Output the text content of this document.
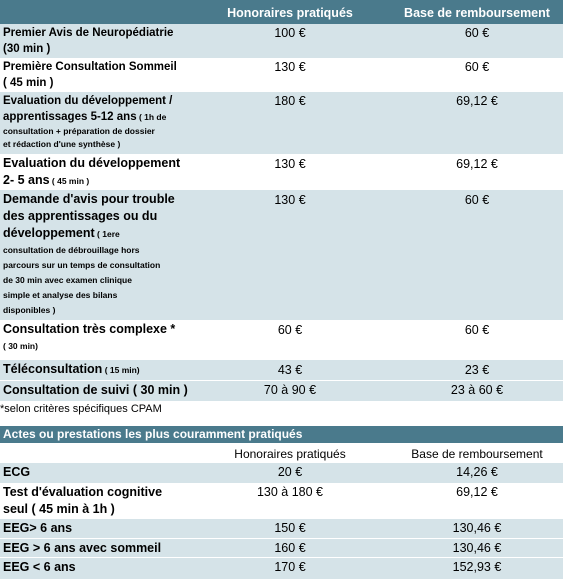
Honoraires pratiqués	Base de remboursement
Premier Avis de Neuropédiatrie
(30 min )
100 €	60 €
Première Consultation Sommeil
( 45 min )
130 €	60 €
Evaluation du développement /
apprentissages 5-12 ans ( 1h de
consultation + préparation de dossier
et rédaction d'une synthèse )
180 €	69,12 €
Evaluation du développement
2- 5 ans ( 45 min )
130 €	69,12 €
Demande d'avis pour trouble
des apprentissages ou du
développement ( 1ere
consultation de débrouillage hors
parcours sur un temps de consultation
de 30 min avec examen clinique
simple et analyse des bilans
disponibles )
130 €	60 €
Consultation très complexe *
( 30 min)
60 €	60 €
Téléconsultation ( 15 min)	43 €	23 €
Consultation de suivi ( 30 min )	70 à 90 €	23 à 60 €
*selon critères spécifiques CPAM
Actes ou prestations les plus couramment pratiqués
Honoraires pratiqués	Base de remboursement
ECG	20 €	14,26 €
Test d'évaluation cognitive
seul ( 45 min à 1h )
130 à 180 €	69,12 €
EEG> 6 ans	150 €	130,46 €
EEG > 6 ans avec sommeil	160 €	130,46 €
EEG < 6 ans	170 €	152,93 €
